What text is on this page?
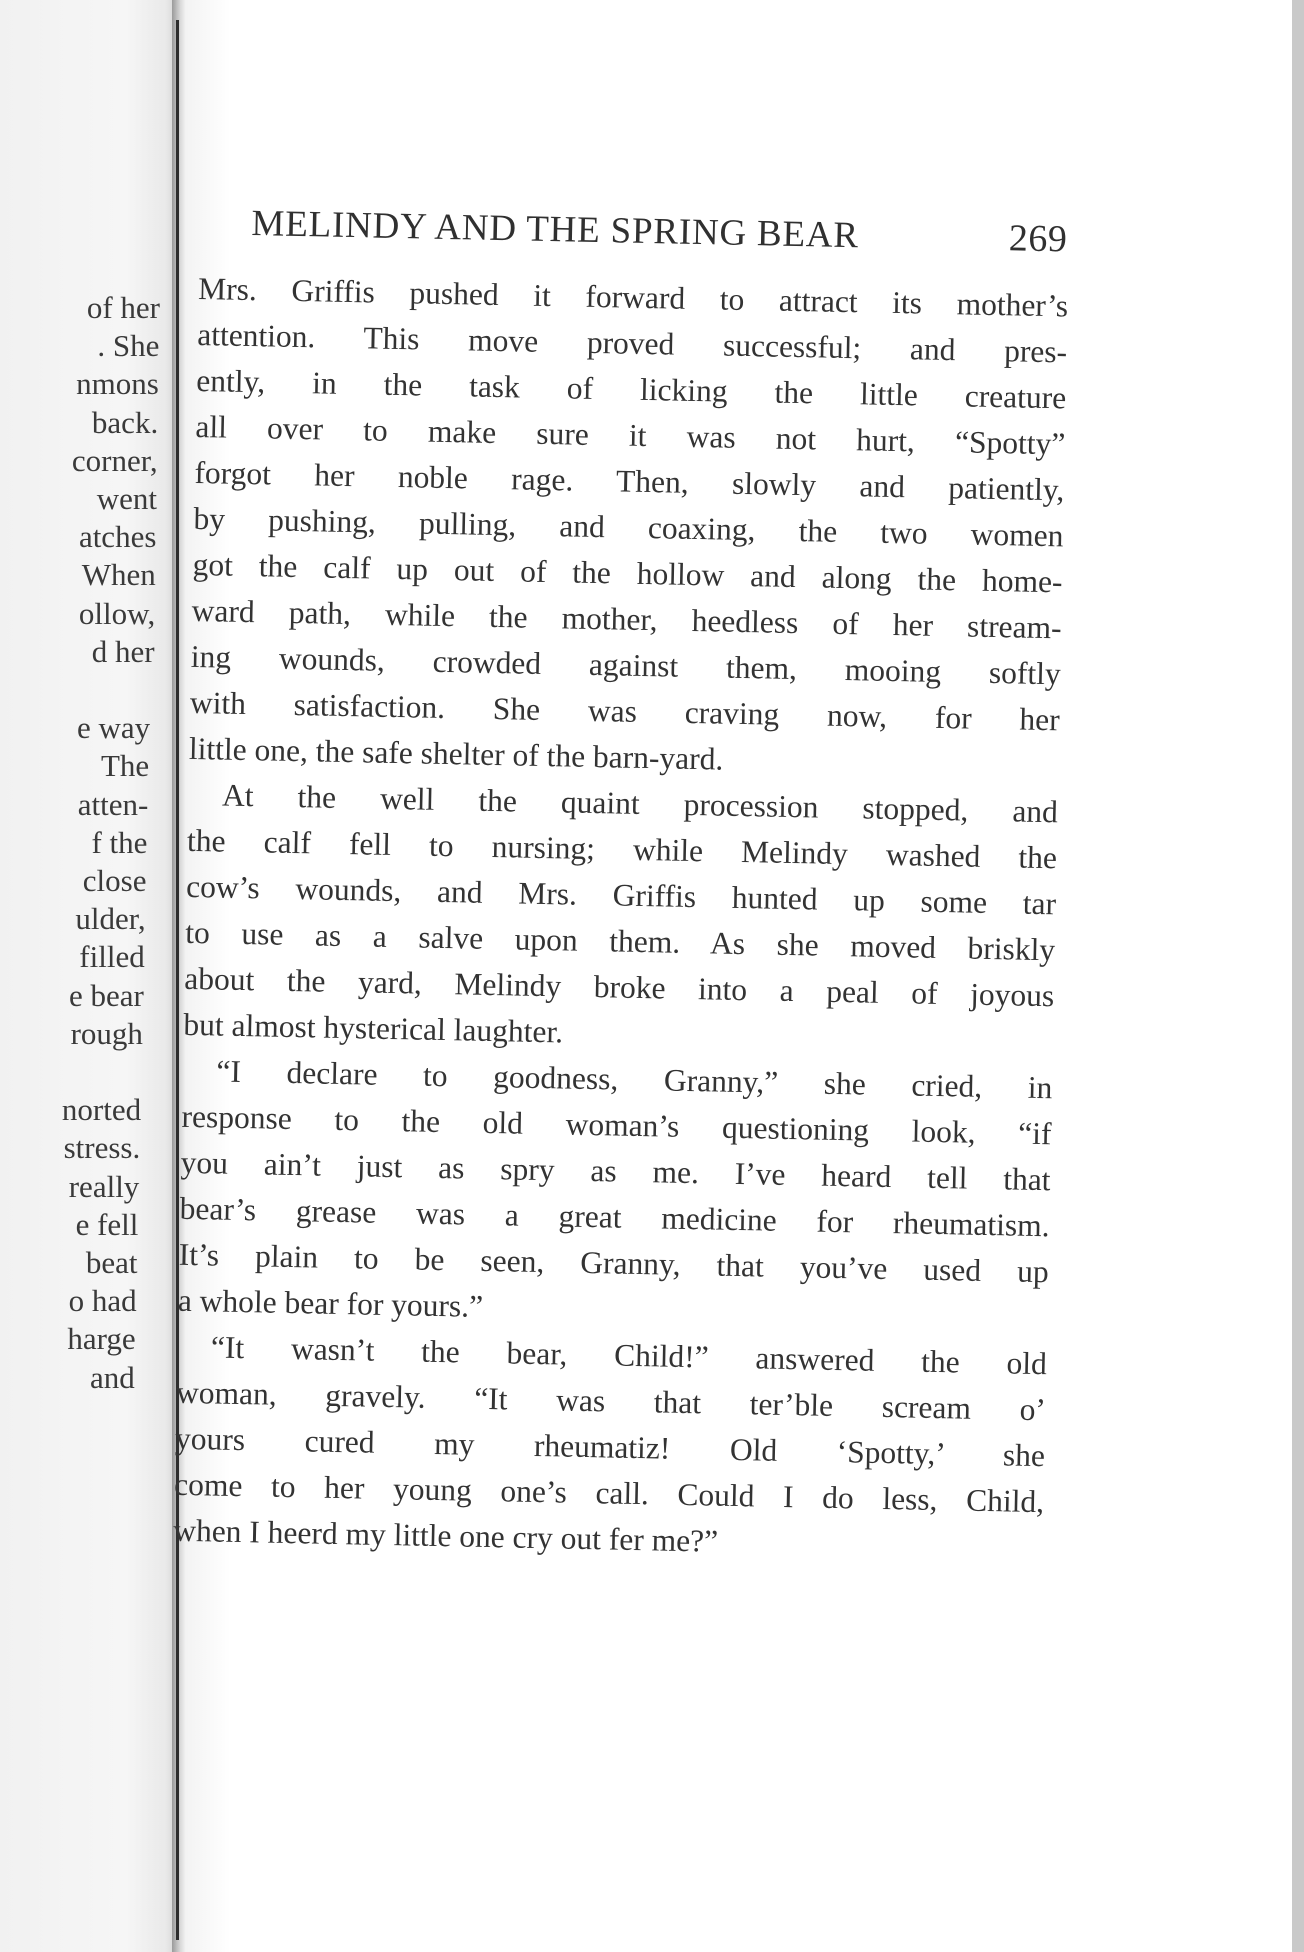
of her
. She
nmons
back.
corner,
went
atches
When
ollow,
d her
e way
The
atten-
f the
close
ulder,
filled
e bear
rough
norted
stress.
really
e fell
beat
o had
harge
and
MELINDY AND THE SPRING BEAR	269
Mrs. Griffis pushed it forward to attract its mother’s
attention. This move proved successful; and pres-
ently, in the task of licking the little creature
all over to make sure it was not hurt, “Spotty”
forgot her noble rage. Then, slowly and patiently,
by pushing, pulling, and coaxing, the two women
got the calf up out of the hollow and along the home-
ward path, while the mother, heedless of her stream-
ing wounds, crowded against them, mooing softly
with satisfaction. She was craving now, for her
little one, the safe shelter of the barn-yard.
At the well the quaint procession stopped, and
the calf fell to nursing; while Melindy washed the
cow’s wounds, and Mrs. Griffis hunted up some tar
to use as a salve upon them. As she moved briskly
about the yard, Melindy broke into a peal of joyous
but almost hysterical laughter.
“I declare to goodness, Granny,” she cried, in
response to the old woman’s questioning look, “if
you ain’t just as spry as me. I’ve heard tell that
bear’s grease was a great medicine for rheumatism.
It’s plain to be seen, Granny, that you’ve used up
a whole bear for yours.”
“It wasn’t the bear, Child!” answered the old
woman, gravely. “It was that ter’ble scream o’
yours cured my rheumatiz! Old ‘Spotty,’ she
come to her young one’s call. Could I do less, Child,
when I heerd my little one cry out fer me?”
